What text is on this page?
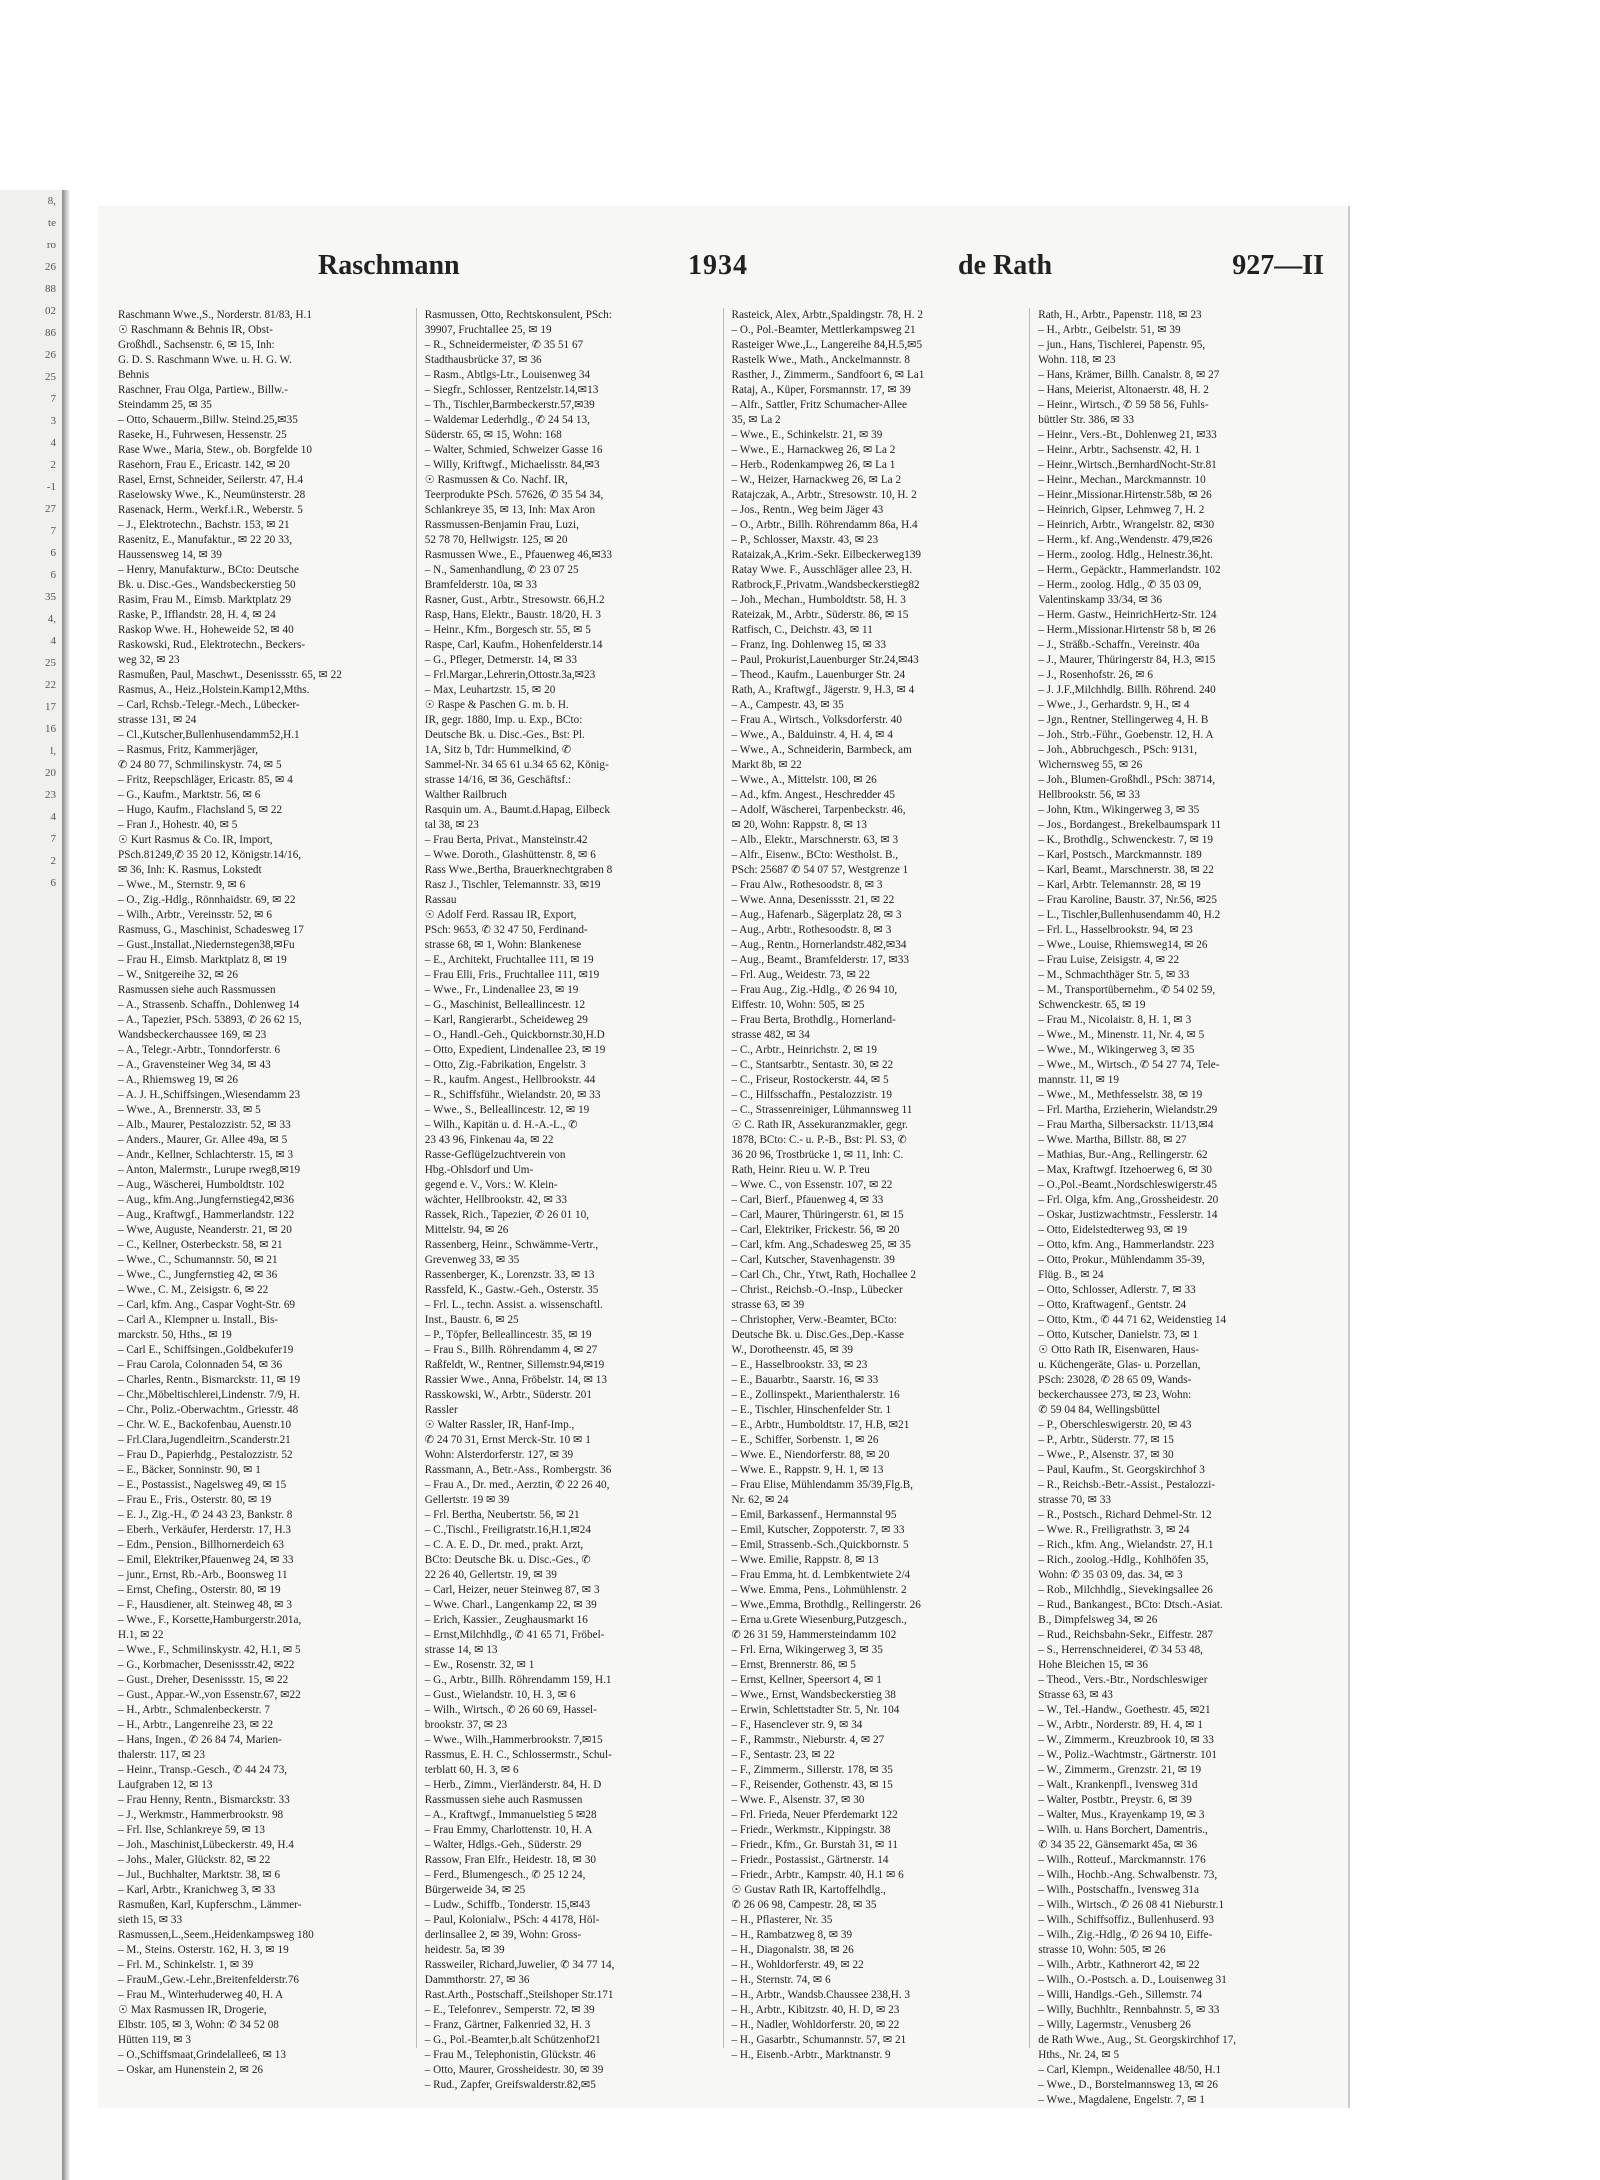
8,
te
ro
26
88
02
86
26
25
7
3
4
2
-1
27
7
6
6
35
4,
4
25
22
17
16
l,
20
23
4
7
2
6
Raschmann	1934	de Rath	927—II
Raschmann Wwe.,S., Norderstr. 81/83, H.1
☉ Raschmann & Behnis IR, Obst-
Großhdl., Sachsenstr. 6, ✉ 15, Inh:
G. D. S. Raschmann Wwe. u. H. G. W.
Behnis
Raschner, Frau Olga, Partiew., Billw.-
Steindamm 25, ✉ 35
– Otto, Schauerm.,Billw. Steind.25,✉35
Raseke, H., Fuhrwesen, Hessenstr. 25
Rase Wwe., Maria, Stew., ob. Borgfelde 10
Rasehorn, Frau E., Ericastr. 142, ✉ 20
Rasel, Ernst, Schneider, Seilerstr. 47, H.4
Raselowsky Wwe., K., Neumünsterstr. 28
Rasenack, Herm., Werkf.i.R., Weberstr. 5
– J., Elektrotechn., Bachstr. 153, ✉ 21
Rasenitz, E., Manufaktur., ✉ 22 20 33,
Haussensweg 14, ✉ 39
– Henry, Manufakturw., BCto: Deutsche
Bk. u. Disc.-Ges., Wandsbeckerstieg 50
Rasim, Frau M., Eimsb. Marktplatz 29
Raske, P., Ifflandstr. 28, H. 4, ✉ 24
Raskop Wwe. H., Hoheweide 52, ✉ 40
Raskowski, Rud., Elektrotechn., Beckers-
weg 32, ✉ 23
Rasmußen, Paul, Maschwt., Desenissstr. 65, ✉ 22
Rasmus, A., Heiz.,Holstein.Kamp12,Mths.
– Carl, Rchsb.-Telegr.-Mech., Lübecker-
strasse 131, ✉ 24
– Cl.,Kutscher,Bullenhusendamm52,H.1
– Rasmus, Fritz, Kammerjäger,
✆ 24 80 77, Schmilinskystr. 74, ✉ 5
– Fritz, Reepschläger, Ericastr. 85, ✉ 4
– G., Kaufm., Marktstr. 56, ✉ 6
– Hugo, Kaufm., Flachsland 5, ✉ 22
– Fran J., Hohestr. 40, ✉ 5
☉ Kurt Rasmus & Co. IR, Import,
PSch.81249,✆ 35 20 12, Königstr.14/16,
✉ 36, Inh: K. Rasmus, Lokstedt
– Wwe., M., Sternstr. 9, ✉ 6
– O., Zig.-Hdlg., Rönnhaidstr. 69, ✉ 22
– Wilh., Arbtr., Vereinsstr. 52, ✉ 6
Rasmuss, G., Maschinist, Schadesweg 17
– Gust.,Installat.,Niedernstegen38,✉Fu
– Frau H., Eimsb. Marktplatz 8, ✉ 19
– W., Snitgereihe 32, ✉ 26
Rasmussen siehe auch Rassmussen
– A., Strassenb. Schaffn., Dohlenweg 14
– A., Tapezier, PSch. 53893, ✆ 26 62 15,
Wandsbeckerchaussee 169, ✉ 23
– A., Telegr.-Arbtr., Tonndorferstr. 6
– A., Gravensteiner Weg 34, ✉ 43
– A., Rhiemsweg 19, ✉ 26
– A. J. H.,Schiffsingen.,Wiesendamm 23
– Wwe., A., Brennerstr. 33, ✉ 5
– Alb., Maurer, Pestalozzistr. 52, ✉ 33
– Anders., Maurer, Gr. Allee 49a, ✉ 5
– Andr., Kellner, Schlachterstr. 15, ✉ 3
– Anton, Malermstr., Lurupe rweg8,✉19
– Aug., Wäscherei, Humboldtstr. 102
– Aug., kfm.Ang.,Jungfernstieg42,✉36
– Aug., Kraftwgf., Hammerlandstr. 122
– Wwe, Auguste, Neanderstr. 21, ✉ 20
– C., Kellner, Osterbeckstr. 58, ✉ 21
– Wwe., C., Schumannstr. 50, ✉ 21
– Wwe., C., Jungfernstieg 42, ✉ 36
– Wwe., C. M., Zeisigstr. 6, ✉ 22
– Carl, kfm. Ang., Caspar Voght-Str. 69
– Carl A., Klempner u. Install., Bis-
marckstr. 50, Hths., ✉ 19
– Carl E., Schiffsingen.,Goldbekufer19
– Frau Carola, Colonnaden 54, ✉ 36
– Charles, Rentn., Bismarckstr. 11, ✉ 19
– Chr.,Möbeltischlerei,Lindenstr. 7/9, H.
– Chr., Poliz.-Oberwachtm., Griesstr. 48
– Chr. W. E., Backofenbau, Auenstr.10
– Frl.Clara,Jugendleitrn.,Scanderstr.21
– Frau D., Papierhdg., Pestalozzistr. 52
– E., Bäcker, Sonninstr. 90, ✉ 1
– E., Postassist., Nagelsweg 49, ✉ 15
– Frau E., Fris., Osterstr. 80, ✉ 19
– E. J., Zig.-H., ✆ 24 43 23, Bankstr. 8
– Eberh., Verkäufer, Herderstr. 17, H.3
– Edm., Pension., Billhornerdeich 63
– Emil, Elektriker,Pfauenweg 24, ✉ 33
– junr., Ernst, Rb.-Arb., Boonsweg 11
– Ernst, Chefing., Osterstr. 80, ✉ 19
– F., Hausdiener, alt. Steinweg 48, ✉ 3
– Wwe., F., Korsette,Hamburgerstr.201a,
H.1, ✉ 22
– Wwe., F., Schmilinskystr. 42, H.1, ✉ 5
– G., Korbmacher, Desenissstr.42, ✉22
– Gust., Dreher, Desenissstr. 15, ✉ 22
– Gust., Appar.-W.,von Essenstr.67, ✉22
– H., Arbtr., Schmalenbeckerstr. 7
– H., Arbtr., Langenreihe 23, ✉ 22
– Hans, Ingen., ✆ 26 84 74, Marien-
thalerstr. 117, ✉ 23
– Heinr., Transp.-Gesch., ✆ 44 24 73,
Laufgraben 12, ✉ 13
– Frau Henny, Rentn., Bismarckstr. 33
– J., Werkmstr., Hammerbrookstr. 98
– Frl. Ilse, Schlankreye 59, ✉ 13
– Joh., Maschinist,Lübeckerstr. 49, H.4
– Johs., Maler, Glückstr. 82, ✉ 22
– Jul., Buchhalter, Marktstr. 38, ✉ 6
– Karl, Arbtr., Kranichweg 3, ✉ 33
Rasmußen, Karl, Kupferschm., Lämmer-
sieth 15, ✉ 33
Rasmussen,L.,Seem.,Heidenkampsweg 180
– M., Steins. Osterstr. 162, H. 3, ✉ 19
– Frl. M., Schinkelstr. 1, ✉ 39
– FrauM.,Gew.-Lehr.,Breitenfelderstr.76
– Frau M., Winterhuderweg 40, H. A
☉ Max Rasmussen IR, Drogerie,
Elbstr. 105, ✉ 3, Wohn: ✆ 34 52 08
Hütten 119, ✉ 3
– O.,Schiffsmaat,Grindelallee6, ✉ 13
– Oskar, am Hunenstein 2, ✉ 26
Rasmussen, Otto, Rechtskonsulent, PSch:
39907, Fruchtallee 25, ✉ 19
– R., Schneidermeister, ✆ 35 51 67
Stadthausbrücke 37, ✉ 36
– Rasm., Abtlgs-Ltr., Louisenweg 34
– Siegfr., Schlosser, Rentzelstr.14,✉13
– Th., Tischler,Barmbeckerstr.57,✉39
– Waldemar Lederhdlg., ✆ 24 54 13,
Süderstr. 65, ✉ 15, Wohn: 168
– Walter, Schmied, Schweizer Gasse 16
– Willy, Kriftwgf., Michaelisstr. 84,✉3
☉ Rasmussen & Co. Nachf. IR,
Teerprodukte PSch. 57626, ✆ 35 54 34,
Schlankreye 35, ✉ 13, Inh: Max Aron
Rassmussen-Benjamin Frau, Luzi,
52 78 70, Hellwigstr. 125, ✉ 20
Rasmussen Wwe., E., Pfauenweg 46,✉33
– N., Samenhandlung, ✆ 23 07 25
Bramfelderstr. 10a, ✉ 33
Rasner, Gust., Arbtr., Stresowstr. 66,H.2
Rasp, Hans, Elektr., Baustr. 18/20, H. 3
– Heinr., Kfm., Borgesch str. 55, ✉ 5
Raspe, Carl, Kaufm., Hohenfelderstr.14
– G., Pfleger, Detmerstr. 14, ✉ 33
– Frl.Margar.,Lehrerin,Ottostr.3a,✉23
– Max, Leuhartzstr. 15, ✉ 20
☉ Raspe & Paschen G. m. b. H.
IR, gegr. 1880, Imp. u. Exp., BCto:
Deutsche Bk. u. Disc.-Ges., Bst: Pl.
1A, Sitz b, Tdr: Hummelkind, ✆
Sammel-Nr. 34 65 61 u.34 65 62, König-
strasse 14/16, ✉ 36, Geschäftsf.:
Walther Railbruch
Rasquin um. A., Baumt.d.Hapag, Eilbeck
tal 38, ✉ 23
– Frau Berta, Privat., Mansteinstr.42
– Wwe. Doroth., Glashüttenstr. 8, ✉ 6
Rass Wwe.,Bertha, Brauerknechtgraben 8
Rasz J., Tischler, Telemannstr. 33, ✉19
Rassau
☉ Adolf Ferd. Rassau IR, Export,
PSch: 9653, ✆ 32 47 50, Ferdinand-
strasse 68, ✉ 1, Wohn: Blankenese
– E., Architekt, Fruchtallee 111, ✉ 19
– Frau Elli, Fris., Fruchtallee 111, ✉19
– Wwe., Fr., Lindenallee 23, ✉ 19
– G., Maschinist, Belleallincestr. 12
– Karl, Rangierarbt., Scheideweg 29
– O., Handl.-Geh., Quickbornstr.30,H.D
– Otto, Expedient, Lindenallee 23, ✉ 19
– Otto, Zig.-Fabrikation, Engelstr. 3
– R., kaufm. Angest., Hellbrookstr. 44
– R., Schiffsführ., Wielandstr. 20, ✉ 33
– Wwe., S., Belleallincestr. 12, ✉ 19
– Wilh., Kapitän u. d. H.-A.-L., ✆
23 43 96, Finkenau 4a, ✉ 22
Rasse-Geflügelzuchtverein von
Hbg.-Ohlsdorf und Um-
gegend e. V., Vors.: W. Klein-
wächter, Hellbrookstr. 42, ✉ 33
Rassek, Rich., Tapezier, ✆ 26 01 10,
Mittelstr. 94, ✉ 26
Rassenberg, Heinr., Schwämme-Vertr.,
Grevenweg 33, ✉ 35
Rassenberger, K., Lorenzstr. 33, ✉ 13
Rassfeld, K., Gastw.-Geh., Osterstr. 35
– Frl. L., techn. Assist. a. wissenschaftl.
Inst., Baustr. 6, ✉ 25
– P., Töpfer, Belleallincestr. 35, ✉ 19
– Frau S., Billh. Röhrendamm 4, ✉ 27
Raßfeldt, W., Rentner, Sillemstr.94,✉19
Rassier Wwe., Anna, Fröbelstr. 14, ✉ 13
Rasskowski, W., Arbtr., Süderstr. 201
Rassler
☉ Walter Rassler, IR, Hanf-Imp.,
✆ 24 70 31, Ernst Merck-Str. 10 ✉ 1
Wohn: Alsterdorferstr. 127, ✉ 39
Rassmann, A., Betr.-Ass., Rombergstr. 36
– Frau A., Dr. med., Aerztin, ✆ 22 26 40,
Gellertstr. 19 ✉ 39
– Frl. Bertha, Neubertstr. 56, ✉ 21
– C.,Tischl., Freiligratstr.16,H.1,✉24
– C. A. E. D., Dr. med., prakt. Arzt,
BCto: Deutsche Bk. u. Disc.-Ges., ✆
22 26 40, Gellertstr. 19, ✉ 39
– Carl, Heizer, neuer Steinweg 87, ✉ 3
– Wwe. Charl., Langenkamp 22, ✉ 39
– Erich, Kassier., Zeughausmarkt 16
– Ernst,Milchhdlg., ✆ 41 65 71, Fröbel-
strasse 14, ✉ 13
– Ew., Rosenstr. 32, ✉ 1
– G., Arbtr., Billh. Röhrendamm 159, H.1
– Gust., Wielandstr. 10, H. 3, ✉ 6
– Wilh., Wirtsch., ✆ 26 60 69, Hassel-
brookstr. 37, ✉ 23
– Wwe., Wilh.,Hammerbrookstr. 7,✉15
Rassmus, E. H. C., Schlossermstr., Schul-
terblatt 60, H. 3, ✉ 6
– Herb., Zimm., Vierländerstr. 84, H. D
Rassmussen siehe auch Rasmussen
– A., Kraftwgf., Immanuelstieg 5 ✉28
– Frau Emmy, Charlottenstr. 10, H. A
– Walter, Hdlgs.-Geh., Süderstr. 29
Rassow, Fran Elfr., Heidestr. 18, ✉ 30
– Ferd., Blumengesch., ✆ 25 12 24,
Bürgerweide 34, ✉ 25
– Ludw., Schiffb., Tonderstr. 15,✉43
– Paul, Kolonialw., PSch: 4 4178, Höl-
derlinsallee 2, ✉ 39, Wohn: Gross-
heidestr. 5a, ✉ 39
Rassweiler, Richard,Juwelier, ✆ 34 77 14,
Dammthorstr. 27, ✉ 36
Rast.Arth., Postschaff.,Steilshoper Str.171
– E., Telefonrev., Semperstr. 72, ✉ 39
– Franz, Gärtner, Falkenried 32, H. 3
– G., Pol.-Beamter,b.alt Schützenhof21
– Frau M., Telephonistin, Glückstr. 46
– Otto, Maurer, Grossheidestr. 30, ✉ 39
– Rud., Zapfer, Greifswalderstr.82,✉5
Rasteick, Alex, Arbtr.,Spaldingstr. 78, H. 2
– O., Pol.-Beamter, Mettlerkampsweg 21
Rasteiger Wwe.,L., Langereihe 84,H.5,✉5
Rastelk Wwe., Math., Anckelmannstr. 8
Rasther, J., Zimmerm., Sandfoort 6, ✉ La1
Rataj, A., Küper, Forsmannstr. 17, ✉ 39
– Alfr., Sattler, Fritz Schumacher-Allee
35, ✉ La 2
– Wwe., E., Schinkelstr. 21, ✉ 39
– Wwe., E., Harnackweg 26, ✉ La 2
– Herb., Rodenkampweg 26, ✉ La 1
– W., Heizer, Harnackweg 26, ✉ La 2
Ratajczak, A., Arbtr., Stresowstr. 10, H. 2
– Jos., Rentn., Weg beim Jäger 43
– O., Arbtr., Billh. Röhrendamm 86a, H.4
– P., Schlosser, Maxstr. 43, ✉ 23
Rataizak,A.,Krim.-Sekr. Eilbeckerweg139
Ratay Wwe. F., Ausschläger allee 23, H.
Ratbrock,F.,Privatm.,Wandsbeckerstieg82
– Joh., Mechan., Humboldtstr. 58, H. 3
Rateizak, M., Arbtr., Süderstr. 86, ✉ 15
Ratfisch, C., Deichstr. 43, ✉ 11
– Franz, Ing. Dohlenweg 15, ✉ 33
– Paul, Prokurist,Lauenburger Str.24,✉43
– Theod., Kaufm., Lauenburger Str. 24
Rath, A., Kraftwgf., Jägerstr. 9, H.3, ✉ 4
– A., Campestr. 43, ✉ 35
– Frau A., Wirtsch., Volksdorferstr. 40
– Wwe., A., Balduinstr. 4, H. 4, ✉ 4
– Wwe., A., Schneiderin, Barmbeck, am
Markt 8b, ✉ 22
– Wwe., A., Mittelstr. 100, ✉ 26
– Ad., kfm. Angest., Heschredder 45
– Adolf, Wäscherei, Tarpenbeckstr. 46,
✉ 20, Wohn: Rappstr. 8, ✉ 13
– Alb., Elektr., Marschnerstr. 63, ✉ 3
– Alfr., Eisenw., BCto: Westholst. B.,
PSch: 25687 ✆ 54 07 57, Westgrenze 1
– Frau Alw., Rothesoodstr. 8, ✉ 3
– Wwe. Anna, Desenissstr. 21, ✉ 22
– Aug., Hafenarb., Sägerplatz 28, ✉ 3
– Aug., Arbtr., Rothesoodstr. 8, ✉ 3
– Aug., Rentn., Hornerlandstr.482,✉34
– Aug., Beamt., Bramfelderstr. 17, ✉33
– Frl. Aug., Weidestr. 73, ✉ 22
– Frau Aug., Zig.-Hdlg., ✆ 26 94 10,
Eiffestr. 10, Wohn: 505, ✉ 25
– Frau Berta, Brothdlg., Hornerland-
strasse 482, ✉ 34
– C., Arbtr., Heinrichstr. 2, ✉ 19
– C., Stantsarbtr., Sentastr. 30, ✉ 22
– C., Friseur, Rostockerstr. 44, ✉ 5
– C., Hilfsschaffn., Pestalozzistr. 19
– C., Strassenreiniger, Lühmannsweg 11
☉ C. Rath IR, Assekuranzmakler, gegr.
1878, BCto: C.- u. P.-B., Bst: Pl. S3, ✆
36 20 96, Trostbrücke 1, ✉ 11, Inh: C.
Rath, Heinr. Rieu u. W. P. Treu
– Wwe. C., von Essenstr. 107, ✉ 22
– Carl, Bierf., Pfauenweg 4, ✉ 33
– Carl, Maurer, Thüringerstr. 61, ✉ 15
– Carl, Elektriker, Frickestr. 56, ✉ 20
– Carl, kfm. Ang.,Schadesweg 25, ✉ 35
– Carl, Kutscher, Stavenhagenstr. 39
– Carl Ch., Chr., Ytwt, Rath, Hochallee 2
– Christ., Reichsb.-O.-Insp., Lübecker
strasse 63, ✉ 39
– Christopher, Verw.-Beamter, BCto:
Deutsche Bk. u. Disc.Ges.,Dep.-Kasse
W., Dorotheenstr. 45, ✉ 39
– E., Hasselbrookstr. 33, ✉ 23
– E., Bauarbtr., Saarstr. 16, ✉ 33
– E., Zollinspekt., Marienthalerstr. 16
– E., Tischler, Hinschenfelder Str. 1
– E., Arbtr., Humboldtstr. 17, H.B, ✉21
– E., Schiffer, Sorbenstr. 1, ✉ 26
– Wwe. E., Niendorferstr. 88, ✉ 20
– Wwe. E., Rappstr. 9, H. 1, ✉ 13
– Frau Elise, Mühlendamm 35/39,Flg.B,
Nr. 62, ✉ 24
– Emil, Barkassenf., Hermannstal 95
– Emil, Kutscher, Zoppoterstr. 7, ✉ 33
– Emil, Strassenb.-Sch.,Quickbornstr. 5
– Wwe. Emilie, Rappstr. 8, ✉ 13
– Frau Emma, ht. d. Lembkentwiete 2/4
– Wwe. Emma, Pens., Lohmühlenstr. 2
– Wwe.,Emma, Brothdlg., Rellingerstr. 26
– Erna u.Grete Wiesenburg,Putzgesch.,
✆ 26 31 59, Hammersteindamm 102
– Frl. Erna, Wikingerweg 3, ✉ 35
– Ernst, Brennerstr. 86, ✉ 5
– Ernst, Kellner, Speersort 4, ✉ 1
– Wwe., Ernst, Wandsbeckerstieg 38
– Erwin, Schlettstadter Str. 5, Nr. 104
– F., Hasenclever str. 9, ✉ 34
– F., Rammstr., Nieburstr. 4, ✉ 27
– F., Sentastr. 23, ✉ 22
– F., Zimmerm., Sillerstr. 178, ✉ 35
– F., Reisender, Gothenstr. 43, ✉ 15
– Wwe. F., Alsenstr. 37, ✉ 30
– Frl. Frieda, Neuer Pferdemarkt 122
– Friedr., Werkmstr., Kippingstr. 38
– Friedr., Kfm., Gr. Burstah 31, ✉ 11
– Friedr., Postassist., Gärtnerstr. 14
– Friedr., Arbtr., Kampstr. 40, H.1 ✉ 6
☉ Gustav Rath IR, Kartoffelhdlg.,
✆ 26 06 98, Campestr. 28, ✉ 35
– H., Pflasterer, Nr. 35
– H., Rambatzweg 8, ✉ 39
– H., Diagonalstr. 38, ✉ 26
– H., Wohldorferstr. 49, ✉ 22
– H., Sternstr. 74, ✉ 6
– H., Arbtr., Wandsb.Chaussee 238,H. 3
– H., Arbtr., Kibitzstr. 40, H. D, ✉ 23
– H., Nadler, Wohldorferstr. 20, ✉ 22
– H., Gasarbtr., Schumannstr. 57, ✉ 21
– H., Eisenb.-Arbtr., Marktnanstr. 9
Rath, H., Arbtr., Papenstr. 118, ✉ 23
– H., Arbtr., Geibelstr. 51, ✉ 39
– jun., Hans, Tischlerei, Papenstr. 95,
Wohn. 118, ✉ 23
– Hans, Krämer, Billh. Canalstr. 8, ✉ 27
– Hans, Meierist, Altonaerstr. 48, H. 2
– Heinr., Wirtsch., ✆ 59 58 56, Fuhls-
büttler Str. 386, ✉ 33
– Heinr., Vers.-Bt., Dohlenweg 21, ✉33
– Heinr., Arbtr., Sachsenstr. 42, H. 1
– Heinr.,Wirtsch.,BernhardNocht-Str.81
– Heinr., Mechan., Marckmannstr. 10
– Heinr.,Missionar.Hirtenstr.58b, ✉ 26
– Heinrich, Gipser, Lehmweg 7, H. 2
– Heinrich, Arbtr., Wrangelstr. 82, ✉30
– Herm., kf. Ang.,Wendenstr. 479,✉26
– Herm., zoolog. Hdlg., Helnestr.36,ht.
– Herm., Gepäcktr., Hammerlandstr. 102
– Herm., zoolog. Hdlg., ✆ 35 03 09,
Valentinskamp 33/34, ✉ 36
– Herm. Gastw., HeinrichHertz-Str. 124
– Herm.,Missionar.Hirtenstr 58 b, ✉ 26
– J., Sträßb.-Schaffn., Vereinstr. 40a
– J., Maurer, Thüringerstr 84, H.3, ✉15
– J., Rosenhofstr. 26, ✉ 6
– J. J.F.,Milchhdlg. Billh. Röhrend. 240
– Wwe., J., Gerhardstr. 9, H., ✉ 4
– Jgn., Rentner, Stellingerweg 4, H. B
– Joh., Strb.-Führ., Goebenstr. 12, H. A
– Joh., Abbruchgesch., PSch: 9131,
Wichernsweg 55, ✉ 26
– Joh., Blumen-Großhdl., PSch: 38714,
Hellbrookstr. 56, ✉ 33
– John, Ktm., Wikingerweg 3, ✉ 35
– Jos., Bordangest., Brekelbaumspark 11
– K., Brothdlg., Schwenckestr. 7, ✉ 19
– Karl, Postsch., Marckmannstr. 189
– Karl, Beamt., Marschnerstr. 38, ✉ 22
– Karl, Arbtr. Telemannstr. 28, ✉ 19
– Frau Karoline, Baustr. 37, Nr.56, ✉25
– L., Tischler,Bullenhusendamm 40, H.2
– Frl. L., Hasselbrookstr. 94, ✉ 23
– Wwe., Louise, Rhiemsweg14, ✉ 26
– Frau Luise, Zeisigstr. 4, ✉ 22
– M., Schmachthäger Str. 5, ✉ 33
– M., Transportübernehm., ✆ 54 02 59,
Schwenckestr. 65, ✉ 19
– Frau M., Nicolaistr. 8, H. 1, ✉ 3
– Wwe., M., Minenstr. 11, Nr. 4, ✉ 5
– Wwe., M., Wikingerweg 3, ✉ 35
– Wwe., M., Wirtsch., ✆ 54 27 74, Tele-
mannstr. 11, ✉ 19
– Wwe., M., Methfesselstr. 38, ✉ 19
– Frl. Martha, Erzieherin, Wielandstr.29
– Frau Martha, Silbersackstr. 11/13,✉4
– Wwe. Martha, Billstr. 88, ✉ 27
– Mathias, Bur.-Ang., Rellingerstr. 62
– Max, Kraftwgf. Itzehoerweg 6, ✉ 30
– O.,Pol.-Beamt.,Nordschleswigerstr.45
– Frl. Olga, kfm. Ang.,Grossheidestr. 20
– Oskar, Justizwachtmstr., Fesslerstr. 14
– Otto, Eidelstedterweg 93, ✉ 19
– Otto, kfm. Ang., Hammerlandstr. 223
– Otto, Prokur., Mühlendamm 35-39,
Flüg. B., ✉ 24
– Otto, Schlosser, Adlerstr. 7, ✉ 33
– Otto, Kraftwagenf., Gentstr. 24
– Otto, Ktm., ✆ 44 71 62, Weidenstieg 14
– Otto, Kutscher, Danielstr. 73, ✉ 1
☉ Otto Rath IR, Eisenwaren, Haus-
u. Küchengeräte, Glas- u. Porzellan,
PSch: 23028, ✆ 28 65 09, Wands-
beckerchaussee 273, ✉ 23, Wohn:
✆ 59 04 84, Wellingsbüttel
– P., Oberschleswigerstr. 20, ✉ 43
– P., Arbtr., Süderstr. 77, ✉ 15
– Wwe., P., Alsenstr. 37, ✉ 30
– Paul, Kaufm., St. Georgskirchhof 3
– R., Reichsb.-Betr.-Assist., Pestalozzi-
strasse 70, ✉ 33
– R., Postsch., Richard Dehmel-Str. 12
– Wwe. R., Freiligrathstr. 3, ✉ 24
– Rich., kfm. Ang., Wielandstr. 27, H.1
– Rich., zoolog.-Hdlg., Kohlhöfen 35,
Wohn: ✆ 35 03 09, das. 34, ✉ 3
– Rob., Milchhdlg., Sievekingsallee 26
– Rud., Bankangest., BCto: Dtsch.-Asiat.
B., Dimpfelsweg 34, ✉ 26
– Rud., Reichsbahn-Sekr., Eiffestr. 287
– S., Herrenschneiderei, ✆ 34 53 48,
Hohe Bleichen 15, ✉ 36
– Theod., Vers.-Btr., Nordschleswiger
Strasse 63, ✉ 43
– W., Tel.-Handw., Goethestr. 45, ✉21
– W., Arbtr., Norderstr. 89, H. 4, ✉ 1
– W., Zimmerm., Kreuzbrook 10, ✉ 33
– W., Poliz.-Wachtmstr., Gärtnerstr. 101
– W., Zimmerm., Grenzstr. 21, ✉ 19
– Walt., Krankenpfl., Ivensweg 31d
– Walter, Postbtr., Preystr. 6, ✉ 39
– Walter, Mus., Krayenkamp 19, ✉ 3
– Wilh. u. Hans Borchert, Damentris.,
✆ 34 35 22, Gänsemarkt 45a, ✉ 36
– Wilh., Rotteuf., Marckmannstr. 176
– Wilh., Hochb.-Ang. Schwalbenstr. 73,
– Wilh., Postschaffn., Ivensweg 31a
– Wilh., Wirtsch., ✆ 26 08 41 Nieburstr.1
– Wilh., Schiffsoffiz., Bullenhuserd. 93
– Wilh., Zig.-Hdlg., ✆ 26 94 10, Eiffe-
strasse 10, Wohn: 505, ✉ 26
– Wilh., Arbtr., Kathnerort 42, ✉ 22
– Wilh., O.-Postsch. a. D., Louisenweg 31
– Willi, Handlgs.-Geh., Sillemstr. 74
– Willy, Buchhltr., Rennbahnstr. 5, ✉ 33
– Willy, Lagermstr., Venusberg 26
de Rath Wwe., Aug., St. Georgskirchhof 17,
Hths., Nr. 24, ✉ 5
– Carl, Klempn., Weidenallee 48/50, H.1
– Wwe., D., Borstelmannsweg 13, ✉ 26
– Wwe., Magdalene, Engelstr. 7, ✉ 1
